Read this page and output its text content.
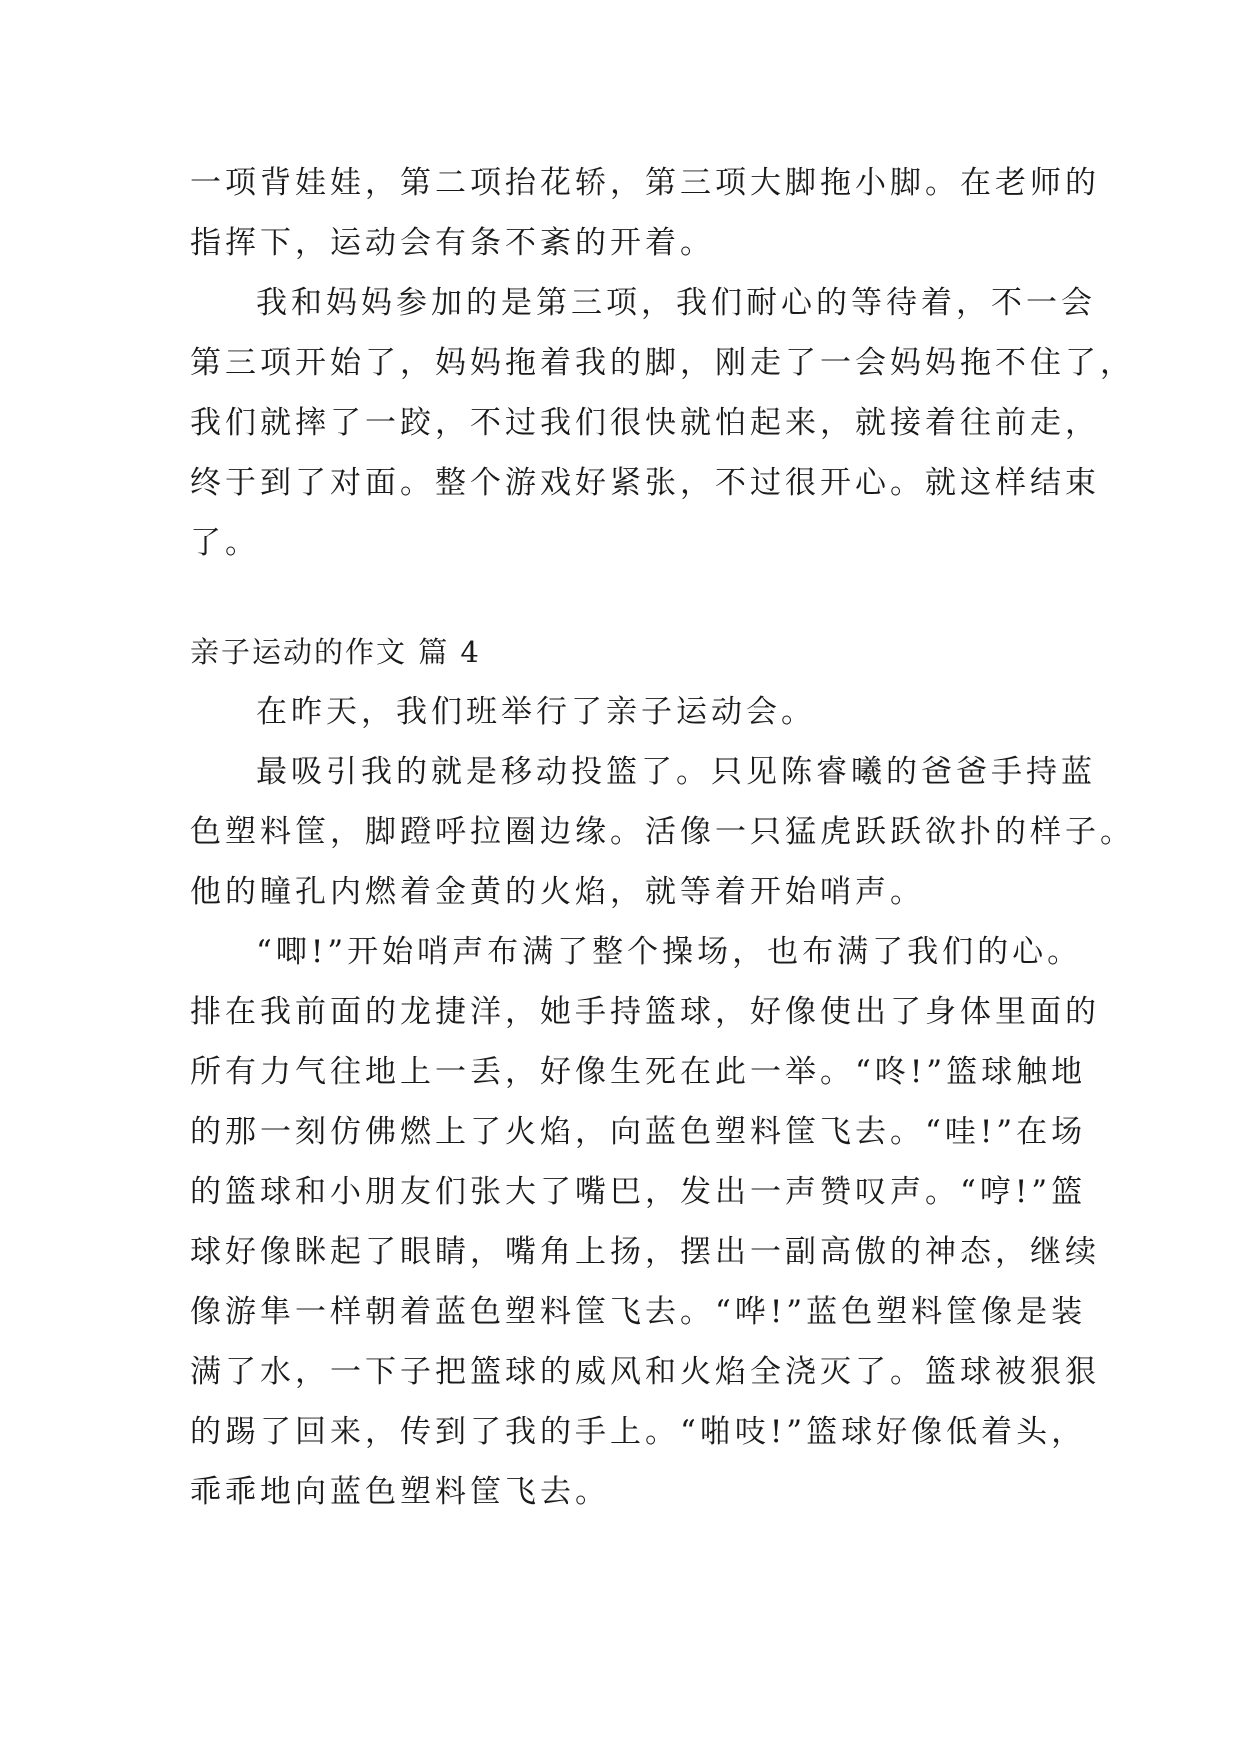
一项背娃娃，第二项抬花轿，第三项大脚拖小脚。在老师的
指挥下，运动会有条不紊的开着。
我和妈妈参加的是第三项，我们耐心的等待着，不一会
第三项开始了，妈妈拖着我的脚，刚走了一会妈妈拖不住了，
我们就摔了一跤，不过我们很快就怕起来，就接着往前走，
终于到了对面。整个游戏好紧张，不过很开心。就这样结束
了。
亲子运动的作文 篇 4
在昨天，我们班举行了亲子运动会。
最吸引我的就是移动投篮了。只见陈睿曦的爸爸手持蓝
色塑料筐，脚蹬呼拉圈边缘。活像一只猛虎跃跃欲扑的样子。
他的瞳孔内燃着金黄的火焰，就等着开始哨声。
“唧!”开始哨声布满了整个操场，也布满了我们的心。
排在我前面的龙捷洋，她手持篮球，好像使出了身体里面的
所有力气往地上一丢，好像生死在此一举。“咚!”篮球触地
的那一刻仿佛燃上了火焰，向蓝色塑料筐飞去。“哇!”在场
的篮球和小朋友们张大了嘴巴，发出一声赞叹声。“哼!”篮
球好像眯起了眼睛，嘴角上扬，摆出一副高傲的神态，继续
像游隼一样朝着蓝色塑料筐飞去。“哗!”蓝色塑料筐像是装
满了水，一下子把篮球的威风和火焰全浇灭了。篮球被狠狠
的踢了回来，传到了我的手上。“啪吱!”篮球好像低着头，
乖乖地向蓝色塑料筐飞去。
